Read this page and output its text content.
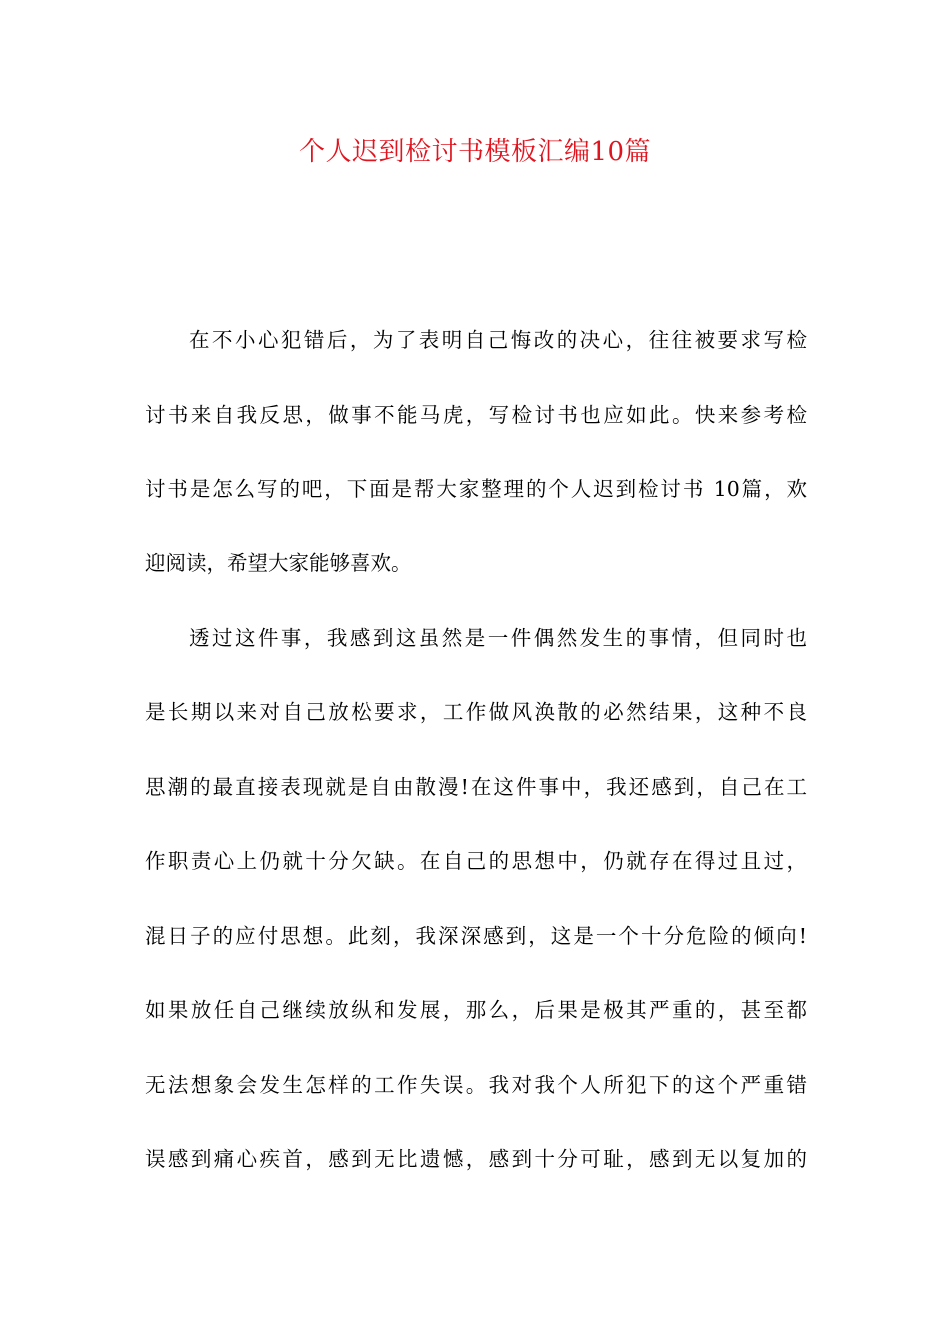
个人迟到检讨书模板汇编10篇
在不小心犯错后，为了表明自己悔改的决心，往往被要求写检
讨书来自我反思，做事不能马虎，写检讨书也应如此。快来参考检
讨书是怎么写的吧，下面是帮大家整理的个人迟到检讨书 10篇，欢
迎阅读，希望大家能够喜欢。
透过这件事，我感到这虽然是一件偶然发生的事情，但同时也
是长期以来对自己放松要求，工作做风涣散的必然结果，这种不良
思潮的最直接表现就是自由散漫!在这件事中，我还感到，自己在工
作职责心上仍就十分欠缺。在自己的思想中，仍就存在得过且过，
混日子的应付思想。此刻，我深深感到，这是一个十分危险的倾向!
如果放任自己继续放纵和发展，那么，后果是极其严重的，甚至都
无法想象会发生怎样的工作失误。我对我个人所犯下的这个严重错
误感到痛心疾首，感到无比遗憾，感到十分可耻，感到无以复加的
